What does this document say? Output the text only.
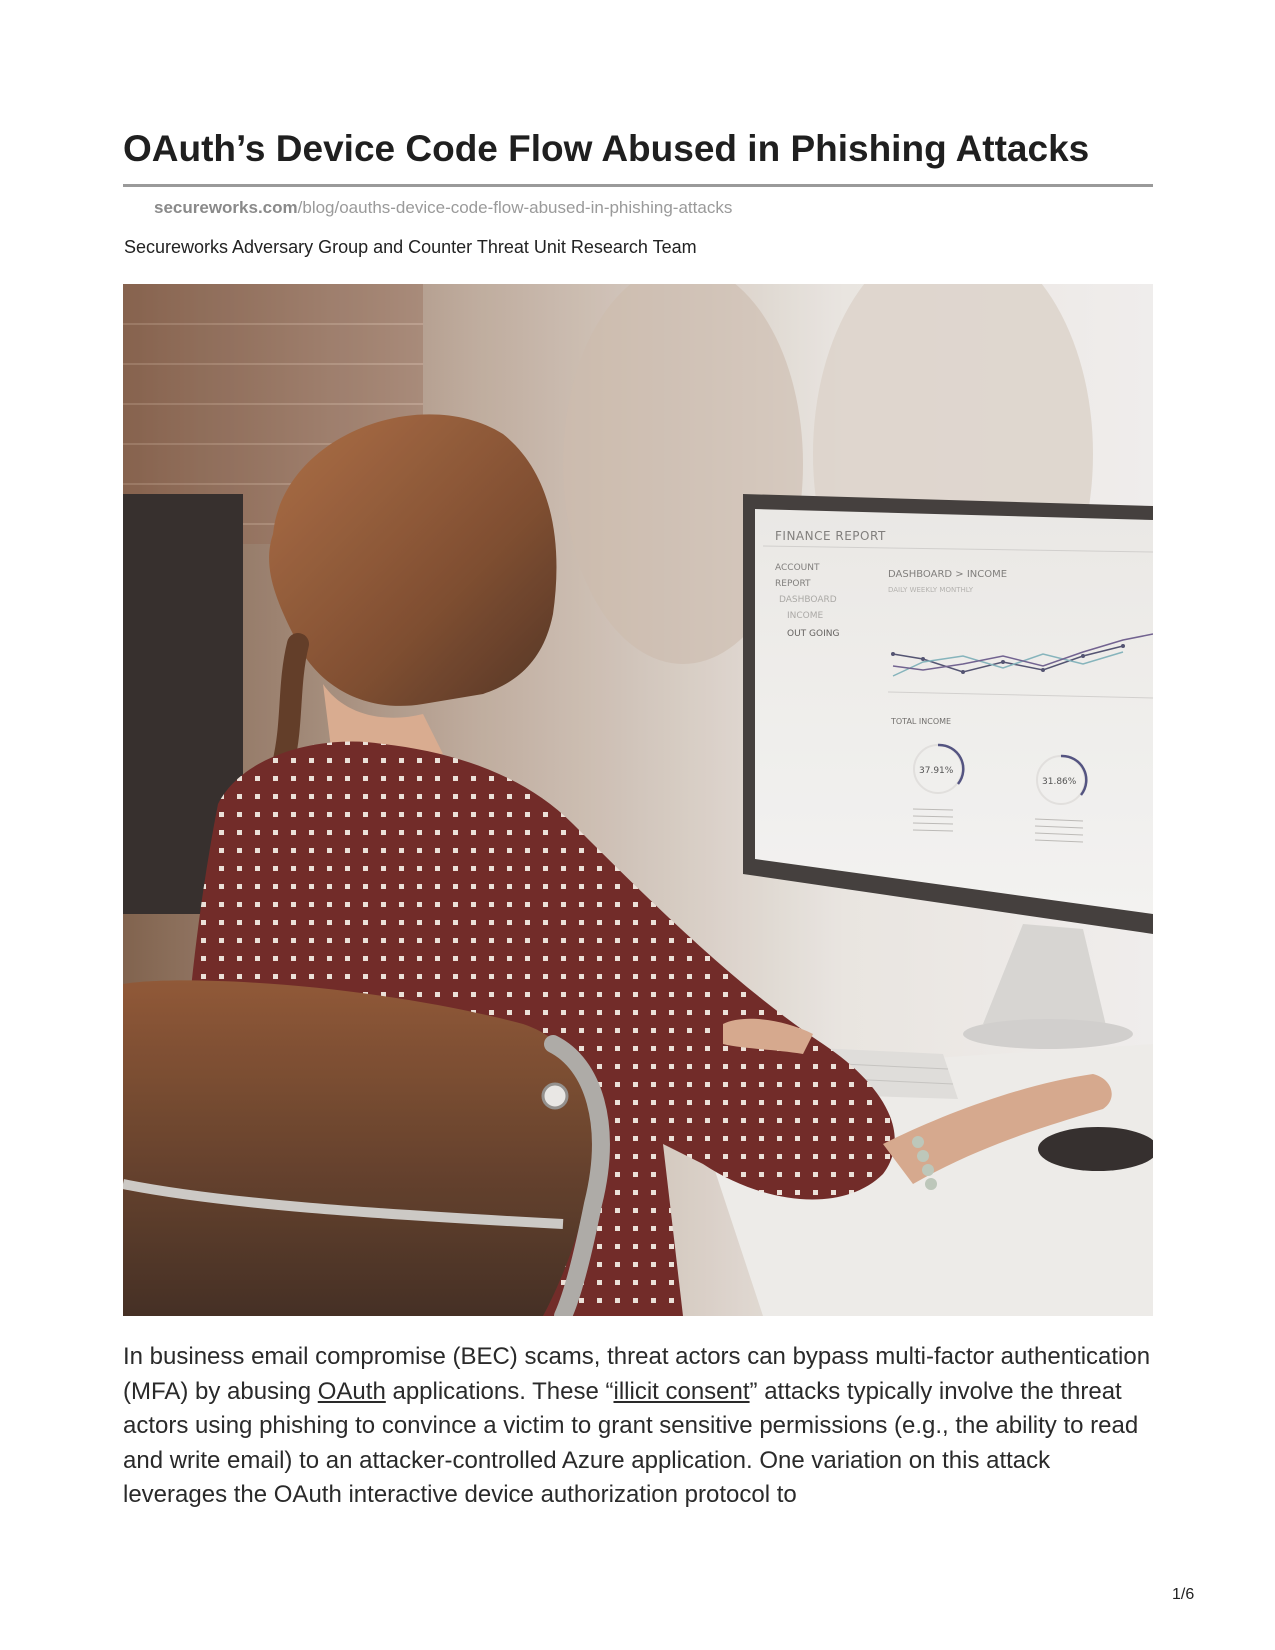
OAuth’s Device Code Flow Abused in Phishing Attacks
secureworks.com/blog/oauths-device-code-flow-abused-in-phishing-attacks
Secureworks Adversary Group and Counter Threat Unit Research Team
FINANCE REPORT
ACCOUNT
REPORT
DASHBOARD
INCOME
OUT GOING
DASHBOARD > INCOME
DAILY WEEKLY MONTHLY
TOTAL INCOME
37.91%
31.86%

In business email compromise (BEC) scams, threat actors can bypass multi-factor authentication (MFA) by abusing OAuth applications. These “illicit consent” attacks typically involve the threat actors using phishing to convince a victim to grant sensitive permissions (e.g., the ability to read and write email) to an attacker-controlled Azure application. One variation on this attack leverages the OAuth interactive device authorization protocol to

1/6
